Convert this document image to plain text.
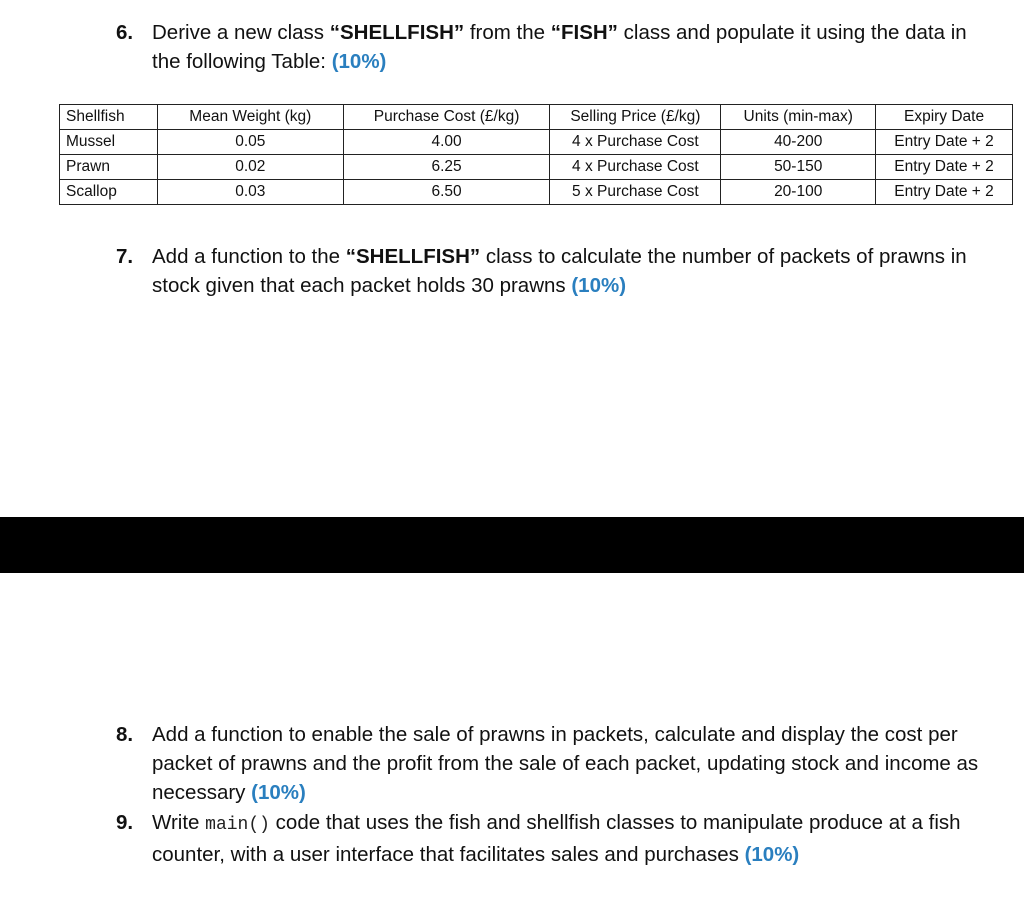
6. Derive a new class “SHELLFISH” from the “FISH” class and populate it using the data in the following Table: (10%)
Shellfish	Mean Weight (kg)	Purchase Cost (£/kg)	Selling Price (£/kg)	Units (min-max)	Expiry Date
Mussel	0.05	4.00	4 x Purchase Cost	40-200	Entry Date + 2
Prawn	0.02	6.25	4 x Purchase Cost	50-150	Entry Date + 2
Scallop	0.03	6.50	5 x Purchase Cost	20-100	Entry Date + 2
7. Add a function to the “SHELLFISH” class to calculate the number of packets of prawns in stock given that each packet holds 30 prawns (10%)
8. Add a function to enable the sale of prawns in packets, calculate and display the cost per packet of prawns and the profit from the sale of each packet, updating stock and income as necessary (10%)
9. Write main() code that uses the fish and shellfish classes to manipulate produce at a fish counter, with a user interface that facilitates sales and purchases (10%)
